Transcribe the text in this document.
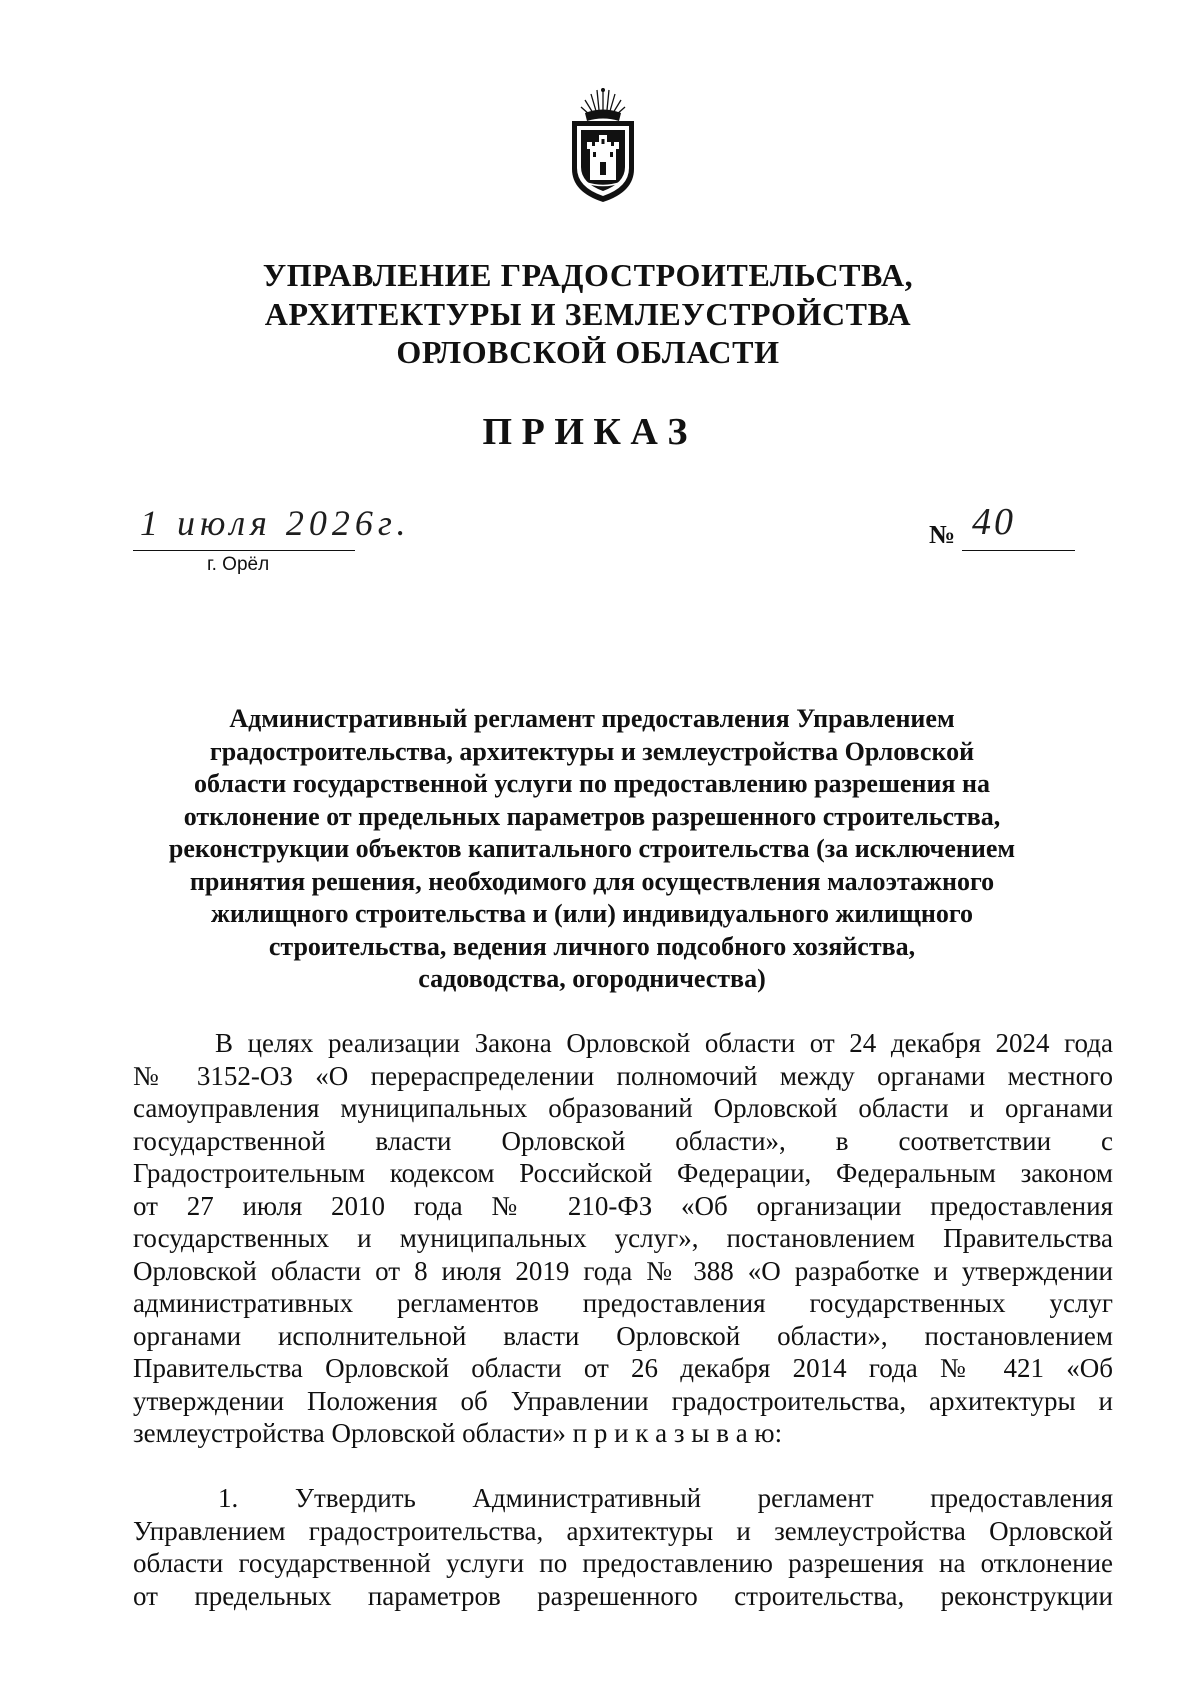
УПРАВЛЕНИЕ ГРАДОСТРОИТЕЛЬСТВА,
АРХИТЕКТУРЫ И ЗЕМЛЕУСТРОЙСТВА
ОРЛОВСКОЙ ОБЛАСТИ
П Р И К А З
1 июля 2026г.
г. Орёл
№ 40
Административный регламент предоставления Управлением
градостроительства, архитектуры и землеустройства Орловской
области государственной услуги по предоставлению разрешения на
отклонение от предельных параметров разрешенного строительства,
реконструкции объектов капитального строительства (за исключением
принятия решения, необходимого для осуществления малоэтажного
жилищного строительства и (или) индивидуального жилищного
строительства, ведения личного подсобного хозяйства,
садоводства, огородничества)
В целях реализации Закона Орловской области от 24 декабря 2024 года
№ 3152-ОЗ «О перераспределении полномочий между органами местного
самоуправления муниципальных образований Орловской области и органами
государственной власти Орловской области», в соответствии с
Градостроительным кодексом Российской Федерации, Федеральным законом
от 27 июля 2010 года № 210-ФЗ «Об организации предоставления
государственных и муниципальных услуг», постановлением Правительства
Орловской области от 8 июля 2019 года № 388 «О разработке и утверждении
административных регламентов предоставления государственных услуг
органами исполнительной власти Орловской области», постановлением
Правительства Орловской области от 26 декабря 2014 года № 421 «Об
утверждении Положения об Управлении градостроительства, архитектуры и
землеустройства Орловской области» п р и к а з ы в а ю:
1. Утвердить Административный регламент предоставления
Управлением градостроительства, архитектуры и землеустройства Орловской
области государственной услуги по предоставлению разрешения на отклонение
от предельных параметров разрешенного строительства, реконструкции
